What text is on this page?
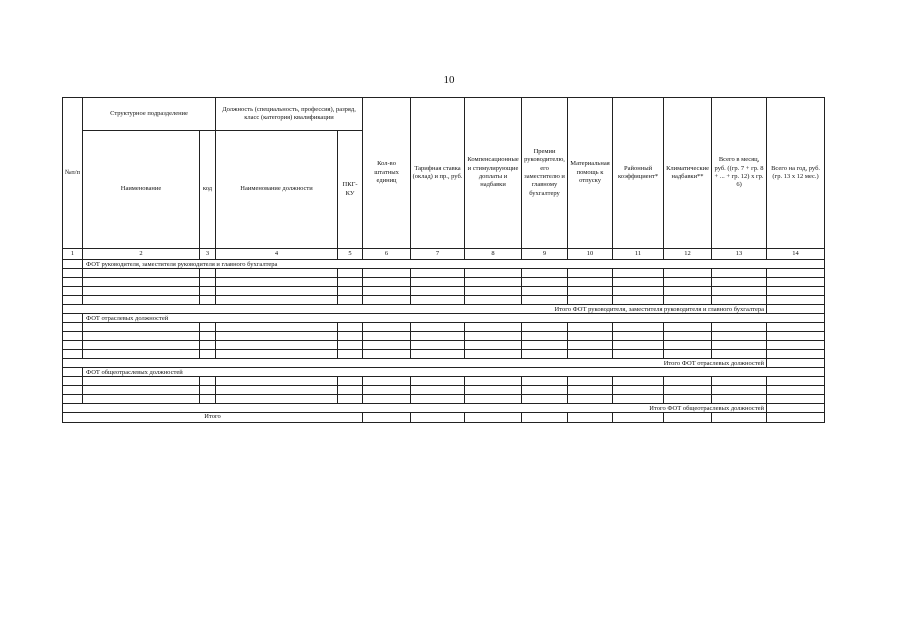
10
№п/п	Структурное подразделение		Должность (специальность, профессия), разряд, класс (категория) квалификации		Кол-во штатных единиц	Тарифная ставка (оклад) и пр., руб.	Компенсационные и стимулирующие доплаты и надбавки	Премии руководителю, его заместителю и главному бухгалтеру	Материальная помощь к отпуску	Районный коэффициент*	Климатические надбавки**	Всего в месяц, руб. ((гр. 7 + гр. 8 + ... + гр. 12) x гр. 6)	Всего на год, руб. (гр. 13 x 12 мес.)
	Наименование	код	Наименование должности	ПКГ-КУ									
1	2	3	4	5	6	7	8	9	10	11	12	13	14
	ФОТ руководителя, заместителя руководителя и главного бухгалтера												

Итого ФОТ руководителя, заместителя руководителя и главного бухгалтера													
	ФОТ отраслевых должностей												

Итого ФОТ отраслевых должностей													
	ФОТ общеотраслевых должностей												

Итого ФОТ общеотраслевых должностей													
Итого													
